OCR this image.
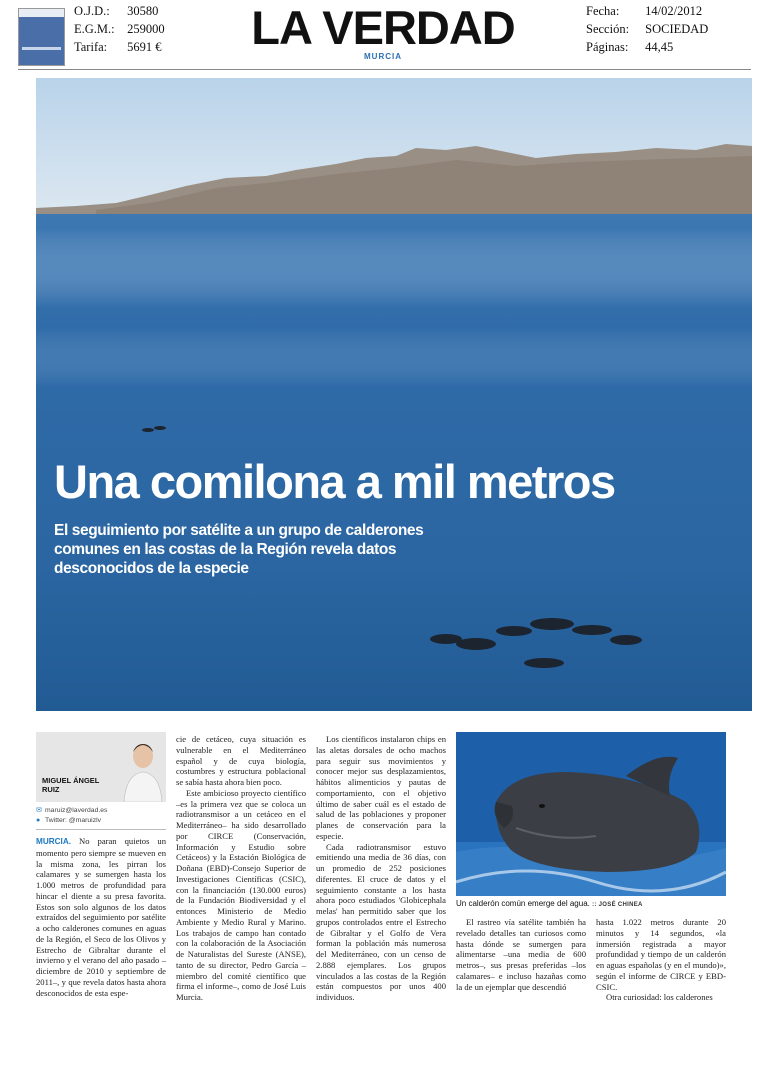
O.J.D.: 30580
E.G.M.: 259000
Tarifa: 5691 €	LA VERDAD
MURCIA
Fecha: 14/02/2012
Sección: SOCIEDAD
Páginas: 44,45
Una comilona a mil metros
El seguimiento por satélite a un grupo de calderones comunes en las costas de la Región revela datos desconocidos de la especie
MIGUEL ÁNGEL RUIZ
✉ maruiz@laverdad.es
● Twitter: @maruizlv

MURCIA. No paran quietos un momento pero siempre se mueven en la misma zona, les pirran los calamares y se sumergen hasta los 1.000 metros de profundidad para hincar el diente a su presa favorita. Estos son solo algunos de los datos extraídos del seguimiento por satélite a ocho calderones comunes en aguas de la Región, el Seco de los Olivos y Estrecho de Gibraltar durante el invierno y el verano del año pasado –diciembre de 2010 y septiembre de 2011–, y que revela datos hasta ahora desconocidos de esta espe-

cie de cetáceo, cuya situación es vulnerable en el Mediterráneo español y de cuya biología, costumbres y estructura poblacional se sabía hasta ahora bien poco.

Este ambicioso proyecto científico –es la primera vez que se coloca un radiotransmisor a un cetáceo en el Mediterráneo– ha sido desarrollado por CIRCE (Conservación, Información y Estudio sobre Cetáceos) y la Estación Biológica de Doñana (EBD)-Consejo Superior de Investigaciones Científicas (CSIC), con la financiación (130.000 euros) de la Fundación Biodiversidad y el entonces Ministerio de Medio Ambiente y Medio Rural y Marino. Los trabajos de campo han contado con la colaboración de la Asociación de Naturalistas del Sureste (ANSE), tanto de su director, Pedro García –miembro del comité científico que firma el informe–, como de José Luis Murcia.

Los científicos instalaron chips en las aletas dorsales de ocho machos para seguir sus movimientos y conocer mejor sus desplazamientos, hábitos alimenticios y pautas de comportamiento, con el objetivo último de saber cuál es el estado de salud de las poblaciones y proponer planes de conservación para la especie.

Cada radiotransmisor estuvo emitiendo una media de 36 días, con un promedio de 252 posiciones diferentes. El cruce de datos y el seguimiento constante a los hasta ahora poco estudiados 'Globicephala melas' han permitido saber que los grupos controlados entre el Estrecho de Gibraltar y el Golfo de Vera forman la población más numerosa del Mediterráneo, con un censo de 2.888 ejemplares. Los grupos vinculados a las costas de la Región están compuestos por unos 400 individuos.

Un calderón común emerge del agua. :: JOSÉ CHINEA

El rastreo vía satélite también ha revelado detalles tan curiosos como hasta dónde se sumergen para alimentarse –una media de 600 metros–, sus presas preferidas –los calamares– e incluso hazañas como la de un ejemplar que descendió

hasta 1.022 metros durante 20 minutos y 14 segundos, «la inmersión registrada a mayor profundidad y tiempo de un calderón en aguas españolas (y en el mundo)», según el informe de CIRCE y EBD-CSIC.

Otra curiosidad: los calderones
